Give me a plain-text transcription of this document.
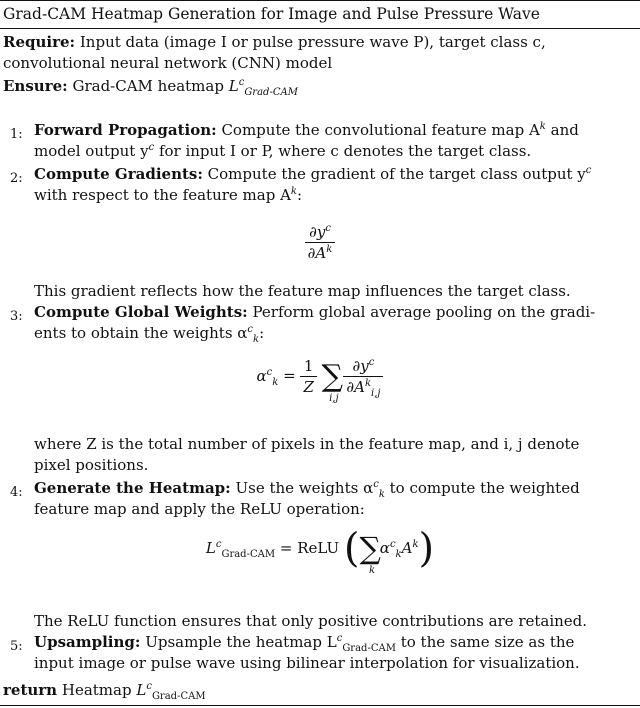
Grad-CAM Heatmap Generation for Image and Pulse Pressure Wave
Require: Input data (image I or pulse pressure wave P), target class c,
convolutional neural network (CNN) model
Ensure: Grad-CAM heatmap $L^c_{Grad-CAM}$
1: Forward Propagation: Compute the convolutional feature map $A^k$ and
model output $y^c$ for input I or P, where c denotes the target class.
2: Compute Gradients: Compute the gradient of the target class output $y^c$
with respect to the feature map $A^k$:
$\frac{\partial y^c}{\partial A^k}$
This gradient reflects how the feature map influences the target class.
3: Compute Global Weights: Perform global average pooling on the gradi-
ents to obtain the weights $\alpha^c_k$:
$\alpha^c_k = \frac{1}{Z} \sum_{i,j}$
$\frac{\partial y^c}{\partial A^k_{i,j}}$
where Z is the total number of pixels in the feature map, and i, j denote
pixel positions.
4: Generate the Heatmap: Use the weights $\alpha^c_k$ to compute the weighted
feature map and apply the ReLU operation:
$L^c_{Grad-CAM}$ = ReLU ($\sum_k$ $\alpha^c_kA^k$)
The ReLU function ensures that only positive contributions are retained.
5: Upsampling: Upsample the heatmap $L^c_{Grad-CAM}$ to the same size as the
input image or pulse wave using bilinear interpolation for visualization.
return Heatmap $L^c_{Grad-CAM}$
